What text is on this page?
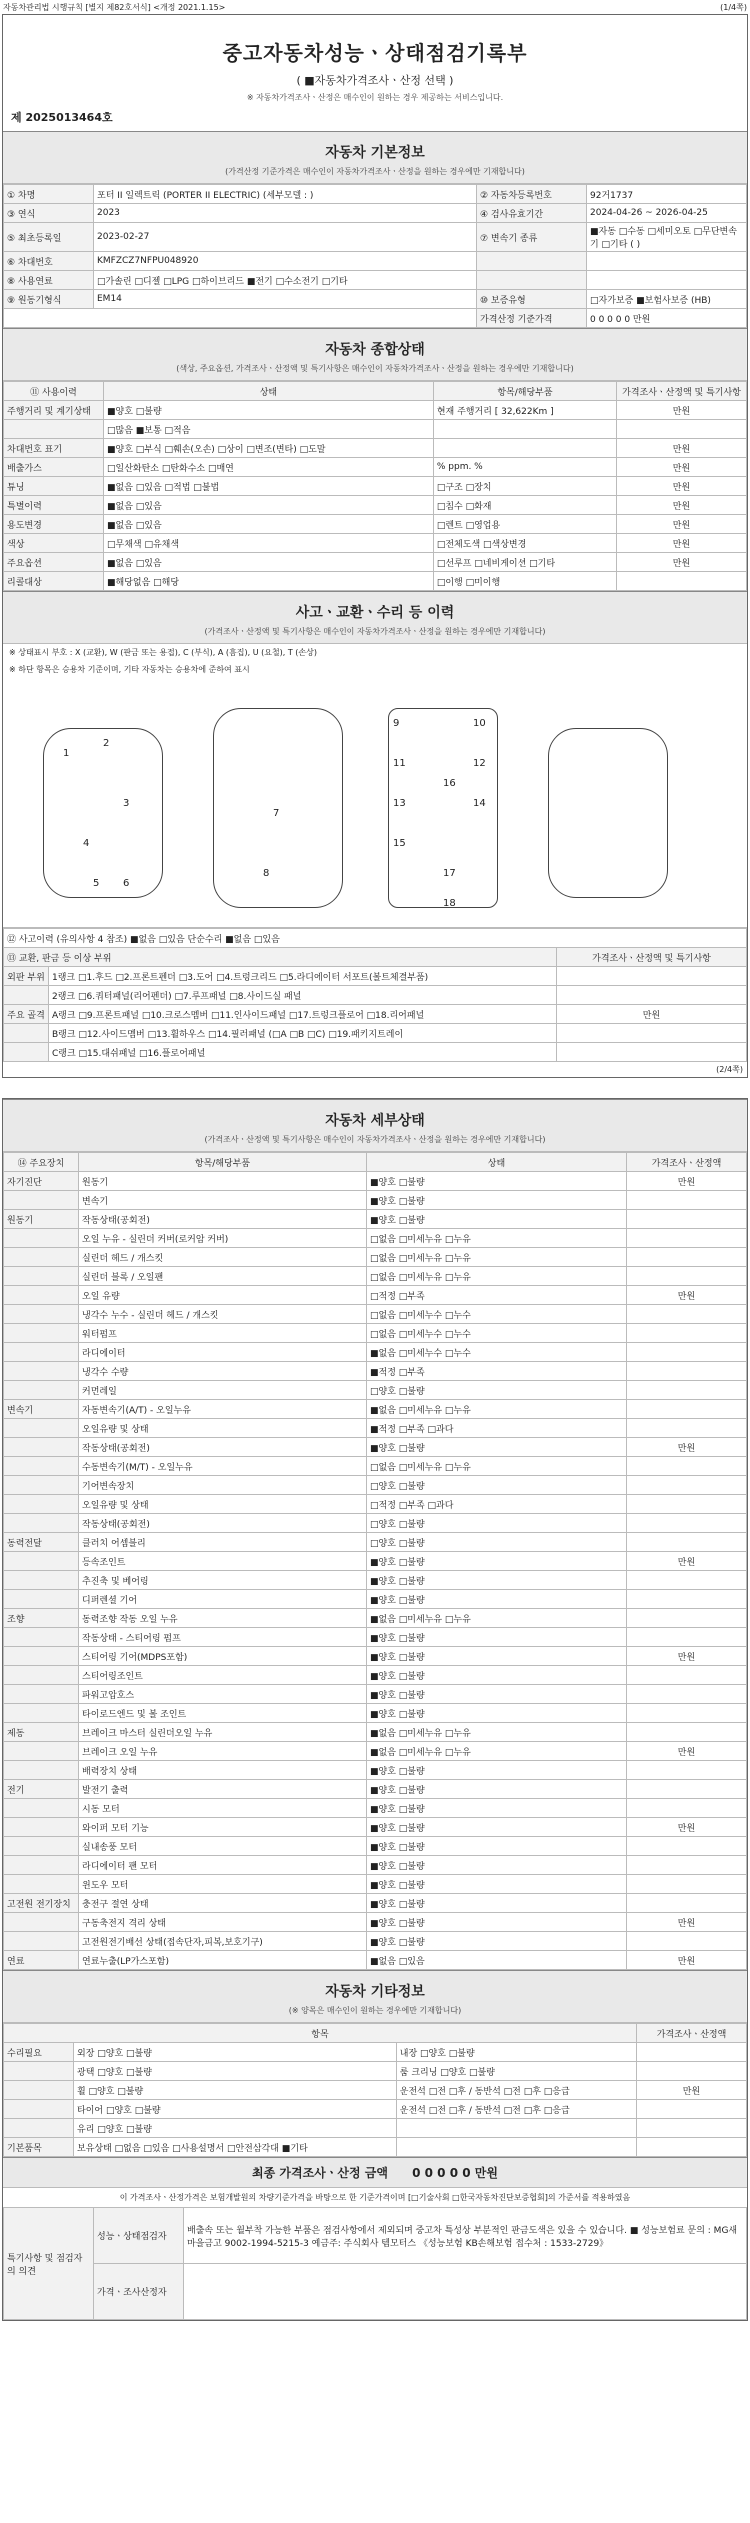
자동차관리법 시행규칙 [별지 제82호서식] <개정 2021.1.15>	(1/4쪽)
중고자동차성능ㆍ상태점검기록부
( ■자동차가격조사ㆍ산정 선택 )
※ 자동차가격조사ㆍ산정은 매수인이 원하는 경우 제공하는 서비스입니다.
제 2025013464호
자동차 기본정보
(가격산정 기준가격은 매수인이 자동차가격조사ㆍ산정을 원하는 경우에만 기재합니다)
① 차명	포터 II 일렉트릭 (PORTER II ELECTRIC) (세부모델 : )	② 자동차등록번호	92거1737
③ 연식	2023	④ 검사유효기간	2024-04-26 ~ 2026-04-25
⑤ 최초등록일	2023-02-27	⑦ 변속기 종류	■자동 □수동 □세미오토 □무단변속기 □기타 ( )
⑥ 차대번호	KMFZCZ7NFPU048920		
⑧ 사용연료	□가솔린 □디젤 □LPG □하이브리드 ■전기 □수소전기 □기타		
⑨ 원동기형식	EM14	⑩ 보증유형	□자가보증 ■보험사보증 (HB)
		가격산정 기준가격	0 0 0 0 0 만원
자동차 종합상태
(색상, 주요옵션, 가격조사ㆍ산정액 및 특기사항은 매수인이 자동차가격조사ㆍ산정을 원하는 경우에만 기재합니다)
⑪ 사용이력	상태	항목/해당부품	가격조사ㆍ산정액 및 특기사항
주행거리 및 계기상태	■양호 □불량	현재 주행거리 [ 32,622Km ]	만원
	□많음 ■보통 □적음		
차대번호 표기	■양호 □부식 □훼손(오손) □상이 □변조(변타) □도말		만원
배출가스	□일산화탄소 □탄화수소 □매연	% ppm. %	만원
튜닝	■없음 □있음 □적법 □불법	□구조 □장치	만원
특별이력	■없음 □있음	□침수 □화재	만원
용도변경	■없음 □있음	□렌트 □영업용	만원
색상	□무채색 □유채색	□전체도색 □색상변경	만원
주요옵션	■없음 □있음	□선루프 □네비게이션 □기타	만원
리콜대상	■해당없음 □해당	□이행 □미이행	
사고ㆍ교환ㆍ수리 등 이력
(가격조사ㆍ산정액 및 특기사항은 매수인이 자동차가격조사ㆍ산정을 원하는 경우에만 기재합니다)
※ 상태표시 부호 : X (교환), W (판금 또는 용접), C (부식), A (흠집), U (요철), T (손상)
※ 하단 항목은 승용차 기준이며, 기타 자동차는 승용차에 준하여 표시
1
2
3
4
5 6
7
8
9	10
11	12
13	14
15
16
17
18
⑫ 사고이력 (유의사항 4 참조) ■없음 □있음 단순수리 ■없음 □있음		
⑬ 교환, 판금 등 이상 부위		가격조사ㆍ산정액 및 특기사항
외판 부위	1랭크 □1.후드 □2.프론트펜더 □3.도어 □4.트렁크리드 □5.라디에이터 서포트(볼트체결부품)	
	2랭크 □6.쿼터패널(리어펜더) □7.루프패널 □8.사이드실 패널	
주요 골격	A랭크 □9.프론트패널 □10.크로스멤버 □11.인사이드패널 □17.트렁크플로어 □18.리어패널	만원
	B랭크 □12.사이드멤버 □13.휠하우스 □14.필러패널 (□A □B □C) □19.패키지트레이	
	C랭크 □15.대쉬패널 □16.플로어패널	
(2/4쪽)
자동차 세부상태
(가격조사ㆍ산정액 및 특기사항은 매수인이 자동차가격조사ㆍ산정을 원하는 경우에만 기재합니다)
⑭ 주요장치	항목/해당부품	상태	가격조사ㆍ산정액
자기진단	원동기	■양호 □불량	만원
	변속기	■양호 □불량	
원동기	작동상태(공회전)	■양호 □불량	
	오일 누유 - 실린더 커버(로커암 커버)	□없음 □미세누유 □누유	
	실린더 헤드 / 개스킷	□없음 □미세누유 □누유	
	실린더 블록 / 오일팬	□없음 □미세누유 □누유	
	오일 유량	□적정 □부족	만원
	냉각수 누수 - 실린더 헤드 / 개스킷	□없음 □미세누수 □누수	
	워터펌프	□없음 □미세누수 □누수	
	라디에이터	■없음 □미세누수 □누수	
	냉각수 수량	■적정 □부족	
	커먼레일	□양호 □불량	
변속기	자동변속기(A/T) - 오일누유	■없음 □미세누유 □누유	
	오일유량 및 상태	■적정 □부족 □과다	
	작동상태(공회전)	■양호 □불량	만원
	수동변속기(M/T) - 오일누유	□없음 □미세누유 □누유	
	기어변속장치	□양호 □불량	
	오일유량 및 상태	□적정 □부족 □과다	
	작동상태(공회전)	□양호 □불량	
동력전달	클러치 어셈블리	□양호 □불량	
	등속조인트	■양호 □불량	만원
	추진축 및 베어링	■양호 □불량	
	디퍼렌셜 기어	■양호 □불량	
조향	동력조향 작동 오일 누유	■없음 □미세누유 □누유	
	작동상태 - 스티어링 펌프	■양호 □불량	
	스티어링 기어(MDPS포함)	■양호 □불량	만원
	스티어링조인트	■양호 □불량	
	파워고압호스	■양호 □불량	
	타이로드엔드 및 볼 조인트	■양호 □불량	
제동	브레이크 마스터 실린더오일 누유	■없음 □미세누유 □누유	
	브레이크 오일 누유	■없음 □미세누유 □누유	만원
	배력장치 상태	■양호 □불량	
전기	발전기 출력	■양호 □불량	
	시동 모터	■양호 □불량	
	와이퍼 모터 기능	■양호 □불량	만원
	실내송풍 모터	■양호 □불량	
	라디에이터 팬 모터	■양호 □불량	
	윈도우 모터	■양호 □불량	
고전원 전기장치	충전구 절연 상태	■양호 □불량	
	구동축전지 격리 상태	■양호 □불량	만원
	고전원전기배선 상태(접속단자,피복,보호기구)	■양호 □불량	
연료	연료누출(LP가스포함)	■없음 □있음	만원
자동차 기타정보
(※ 양목은 매수인이 원하는 경우에만 기재합니다)
항목			가격조사ㆍ산정액
수리필요	외장 □양호 □불량	내장 □양호 □불량	
	광택 □양호 □불량	룸 크리닝 □양호 □불량	
	휠 □양호 □불량	운전석 □전 □후 / 동반석 □전 □후 □응급	만원
	타이어 □양호 □불량	운전석 □전 □후 / 동반석 □전 □후 □응급	
	유리 □양호 □불량		
기본품목	보유상태 □없음 □있음 □사용설명서 □안전삼각대 ■기타		
최종 가격조사ㆍ산정 금액 0 0 0 0 0 만원
이 가격조사ㆍ산정가격은 보험개발원의 차량기준가격을 바탕으로 한 기준가격이며 [□기술사회 □한국자동차진단보증협회]의 가준서를 적용하였음
특기사항 및 점검자의 의견	성능ㆍ상태점검자	배출속 또는 월부착 가능한 부품은 점검사항에서 제외되며 중고차 특성상 부분적인 판금도색은 있을 수 있습니다. ■ 성능보험료 문의 : MG새마을금고 9002-1994-5215-3 예금주: 주식회사 템모터스 《성능보험 KB손해보험 접수처 : 1533-2729》
	가격ㆍ조사산정자	
